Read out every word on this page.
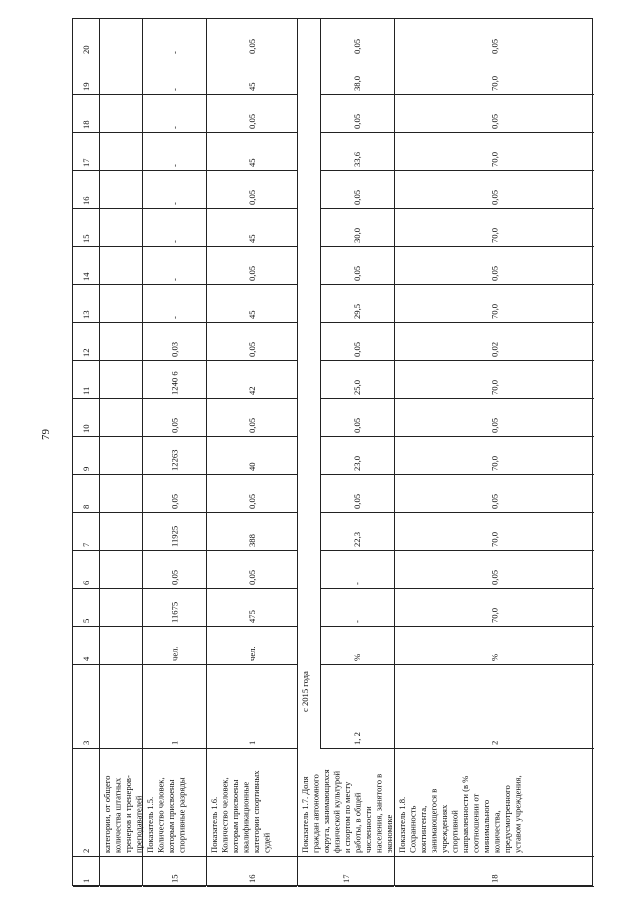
79
20
19
18
17
16
15
14
13
12
11
10
9
8
7
6
5
4
3
2
1
категории, от общего
количества штатных
тренеров и тренеров-
преподавателей
-
-
-
-
-
-
-
-
0,03
1240 6
0,05
12263
0,05
11925
0,05
11675
чел.
1
Показатель 1.5.
Количество человек,
которым присвоены
спортивные разряды
15
0,05
45
0,05
45
0,05
45
0,05
45
0,05
42
0,05
40
0,05
388
0,05
475
чел.
1
Показатель 1.6.
Количество человек,
которым присвоены
квалификационные
категории спортивных
судей
16
0,05
38,0
0,05
33,6
0,05
30,0
0,05
29,5
0,05
25,0
0,05
23,0
0,05
22,3
-
-
%
1, 2
Показатель 1.7. Доля
граждан автономного
округа, занимающихся
физической культурой
и спортом по месту
работы, в общей
численности
населения, занятого в
экономике
17
с 2015 года
0,05
70,0
0,05
70,0
0,05
70,0
0,05
70,0
0,02
70,0
0,05
70,0
0,05
70,0
0,05
70,0
%
2
Показатель 1.8.
Сохранность
контингента,
занимающегося в
учреждениях
спортивной
направленности (в %
соотношении от
минимального
количества,
предусмотренного
уставом учреждения,
18
